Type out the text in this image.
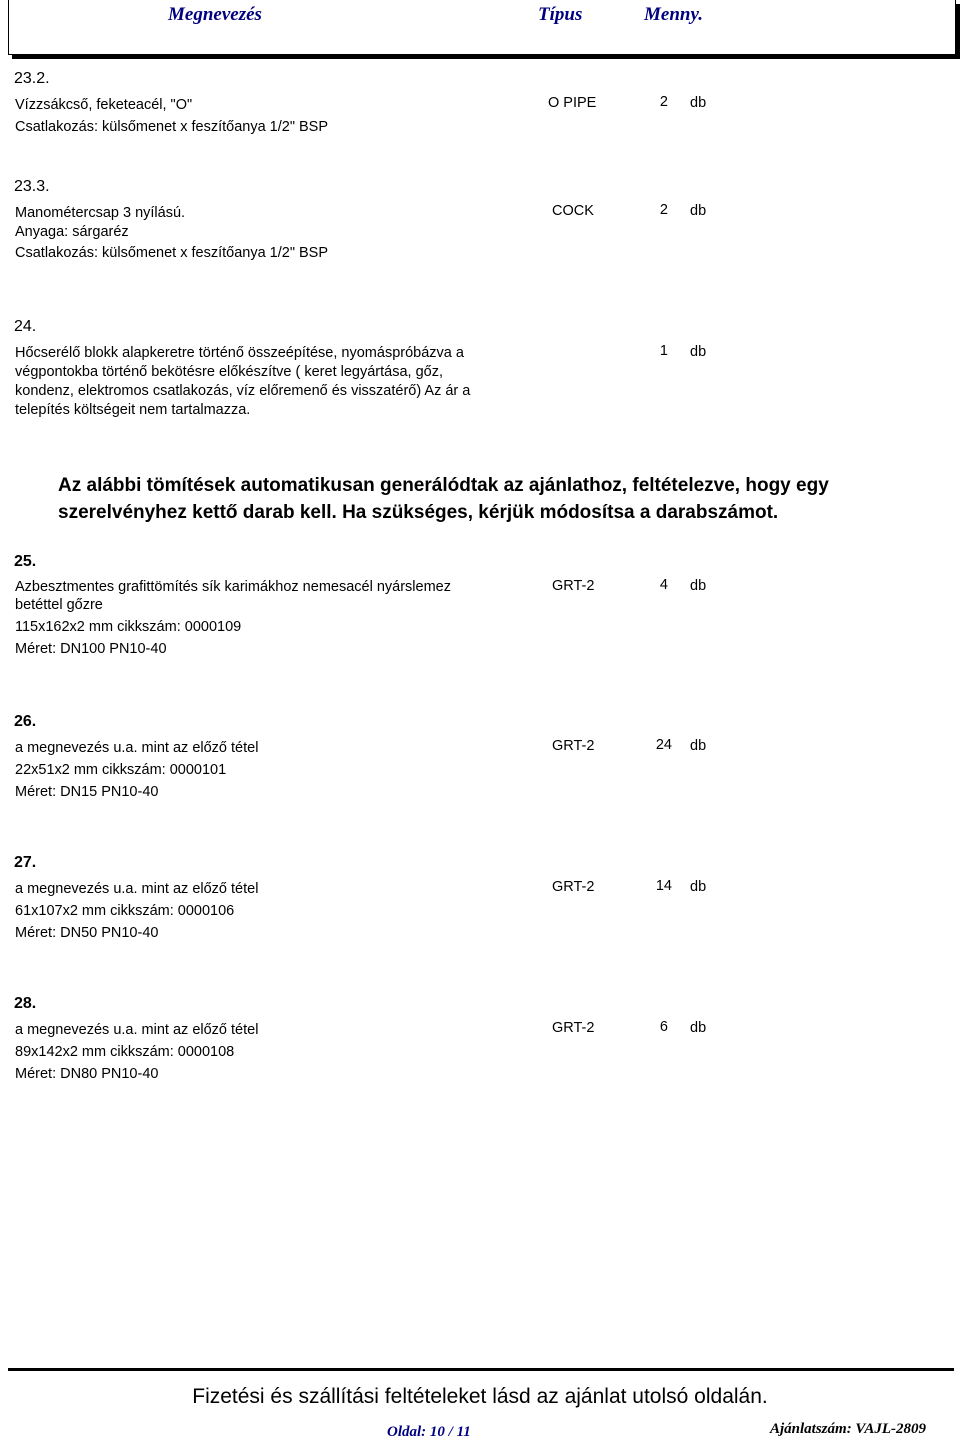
Megnevezés	Típus	Menny.
23.2.
Vízzsákcső, feketeacél, "O"
Csatlakozás: külsőmenet x feszítőanya 1/2" BSP
O PIPE	2 db
23.3.
Manométercsap 3 nyílású.
Anyaga: sárgaréz
Csatlakozás: külsőmenet x feszítőanya 1/2" BSP
COCK	2 db
24.
Hőcserélő blokk alapkeretre történő összeépítése, nyomáspróbázva a végpontokba történő bekötésre előkészítve ( keret legyártása, gőz, kondenz, elektromos csatlakozás, víz előremenő és visszatérő) Az ár a telepítés költségeit nem tartalmazza.
1 db
Az alábbi tömítések automatikusan generálódtak az ajánlathoz, feltételezve, hogy egy szerelvényhez kettő darab kell. Ha szükséges, kérjük módosítsa a darabszámot.
25.
Azbesztmentes grafittömítés sík karimákhoz nemesacél nyárslemez
betéttel gőzre
115x162x2 mm cikkszám: 0000109
Méret: DN100 PN10-40
GRT-2	4 db
26.
a megnevezés u.a. mint az előző tétel
22x51x2 mm cikkszám: 0000101
Méret: DN15 PN10-40
GRT-2	24 db
27.
a megnevezés u.a. mint az előző tétel
61x107x2 mm cikkszám: 0000106
Méret: DN50 PN10-40
GRT-2	14 db
28.
a megnevezés u.a. mint az előző tétel
89x142x2 mm cikkszám: 0000108
Méret: DN80 PN10-40
GRT-2	6 db
Fizetési és szállítási feltételeket lásd az ajánlat utolsó oldalán.
Oldal: 10 / 11	Ajánlatszám: VAJL-2809
